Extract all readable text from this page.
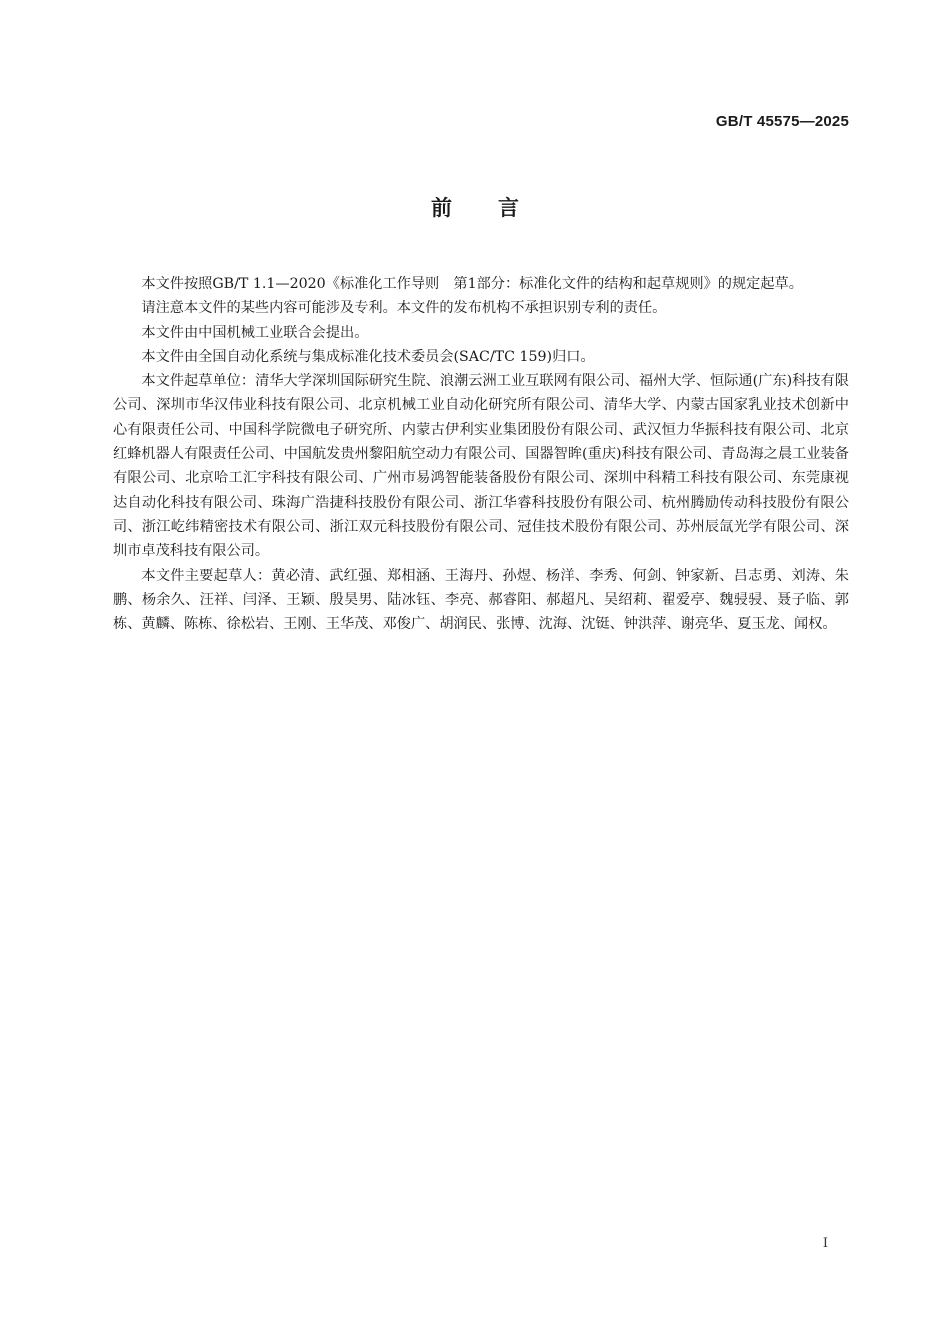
GB/T 45575—2025
前言

本文件按照GB/T 1.1—2020《标准化工作导则　第1部分：标准化文件的结构和起草规则》的规定起草。

请注意本文件的某些内容可能涉及专利。本文件的发布机构不承担识别专利的责任。

本文件由中国机械工业联合会提出。

本文件由全国自动化系统与集成标准化技术委员会(SAC/TC 159)归口。

本文件起草单位：清华大学深圳国际研究生院、浪潮云洲工业互联网有限公司、福州大学、恒际通(广东)科技有限公司、深圳市华汉伟业科技有限公司、北京机械工业自动化研究所有限公司、清华大学、内蒙古国家乳业技术创新中心有限责任公司、中国科学院微电子研究所、内蒙古伊利实业集团股份有限公司、武汉恒力华振科技有限公司、北京红蜂机器人有限责任公司、中国航发贵州黎阳航空动力有限公司、国器智眸(重庆)科技有限公司、青岛海之晨工业装备有限公司、北京哈工汇宇科技有限公司、广州市易鸿智能装备股份有限公司、深圳中科精工科技有限公司、东莞康视达自动化科技有限公司、珠海广浩捷科技股份有限公司、浙江华睿科技股份有限公司、杭州腾励传动科技股份有限公司、浙江屹纬精密技术有限公司、浙江双元科技股份有限公司、冠佳技术股份有限公司、苏州辰氙光学有限公司、深圳市卓茂科技有限公司。

本文件主要起草人：黄必清、武红强、郑相涵、王海丹、孙煜、杨洋、李秀、何剑、钟家新、吕志勇、刘涛、朱鹏、杨余久、汪祥、闫泽、王颖、殷昊男、陆冰钰、李亮、郝睿阳、郝超凡、吴绍莉、翟爱亭、魏骎骎、聂子临、郭栋、黄麟、陈栋、徐松岩、王刚、王华茂、邓俊广、胡润民、张博、沈海、沈铤、钟洪萍、谢亮华、夏玉龙、闻权。

I
